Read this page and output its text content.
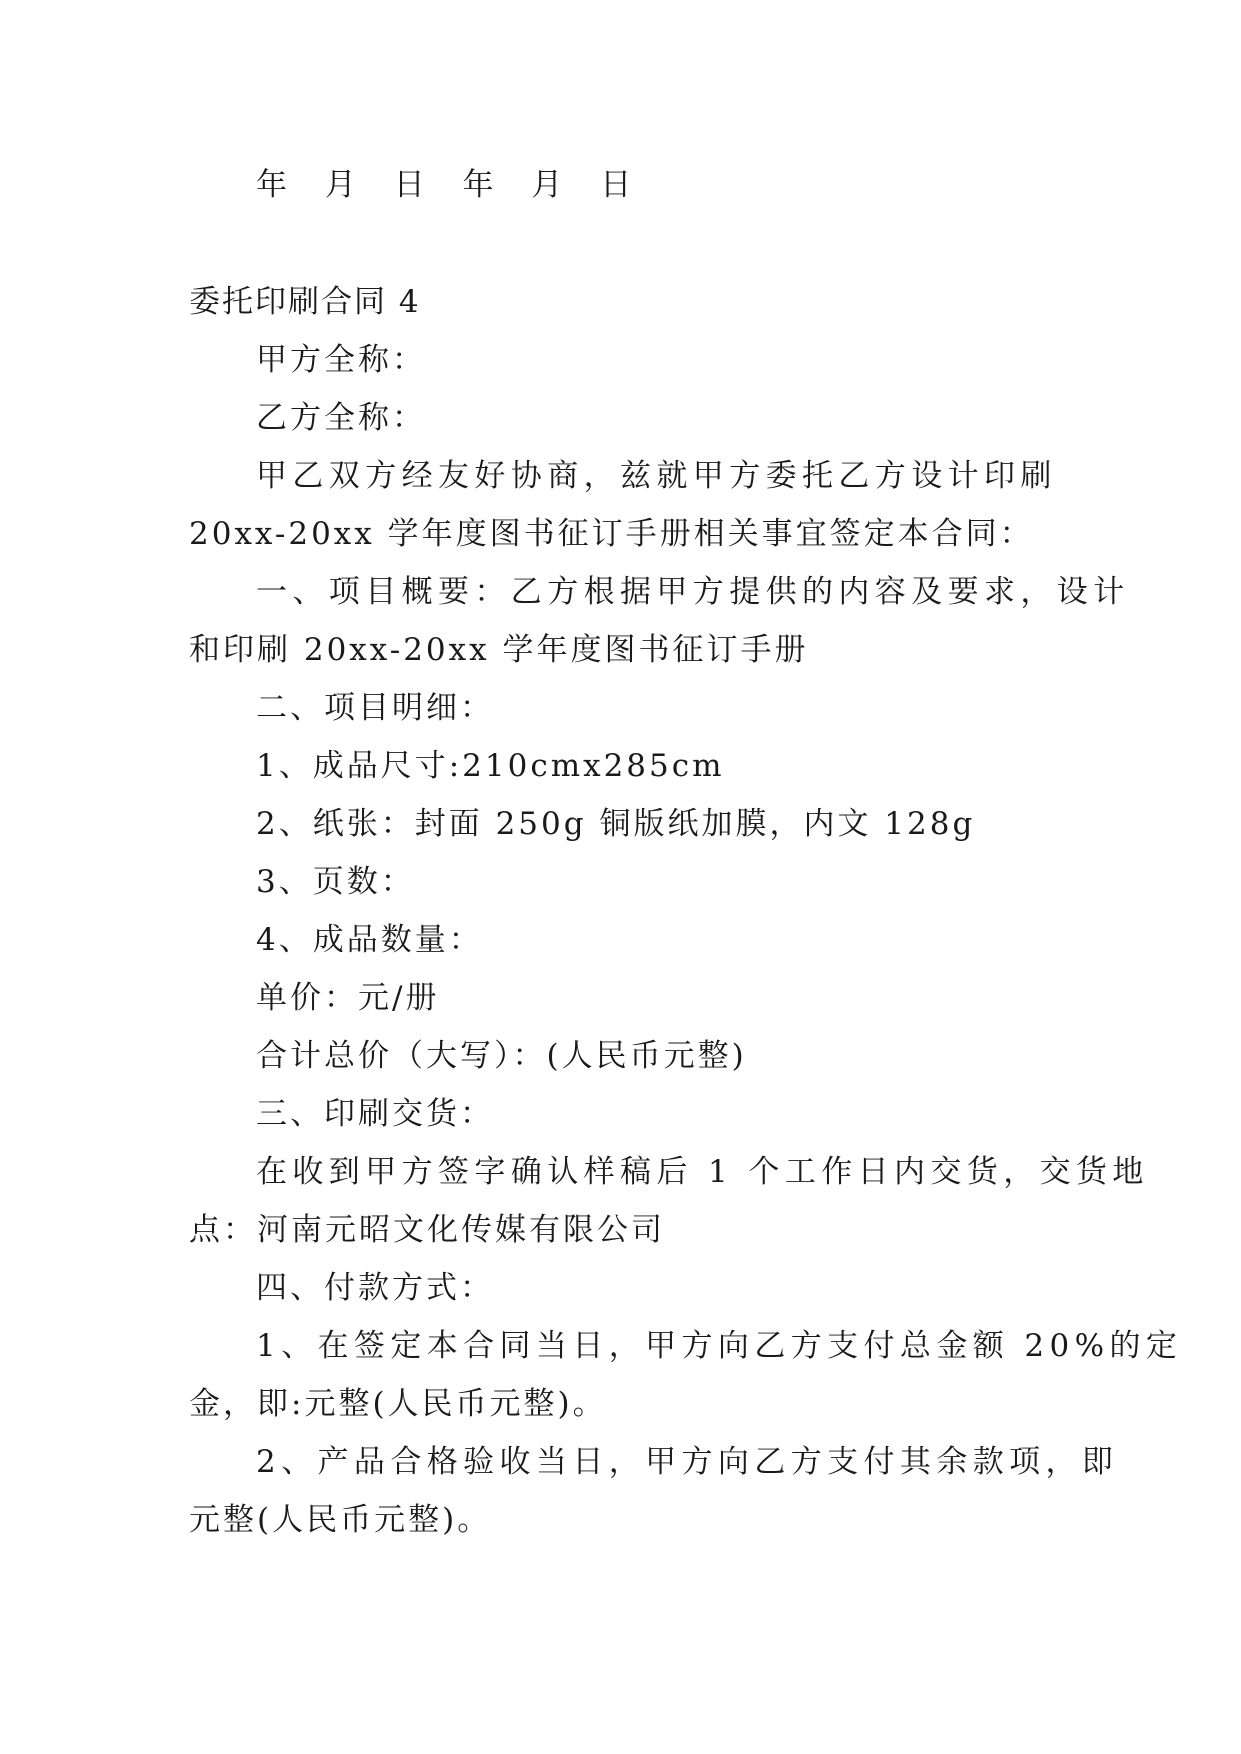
年 月 日 年 月 日
委托印刷合同 4
甲方全称：
乙方全称：
甲乙双方经友好协商，兹就甲方委托乙方设计印刷
20xx-20xx 学年度图书征订手册相关事宜签定本合同：
一、项目概要：乙方根据甲方提供的内容及要求，设计
和印刷 20xx-20xx 学年度图书征订手册
二、项目明细：
1、成品尺寸:210cmx285cm
2、纸张：封面 250g 铜版纸加膜，内文 128g
3、页数：
4、成品数量：
单价：元/册
合计总价（大写）：(人民币元整)
三、印刷交货：
在收到甲方签字确认样稿后 1 个工作日内交货，交货地
点：河南元昭文化传媒有限公司
四、付款方式：
1、在签定本合同当日，甲方向乙方支付总金额 20%的定
金，即:元整(人民币元整)。
2、产品合格验收当日，甲方向乙方支付其余款项，即
元整(人民币元整)。
